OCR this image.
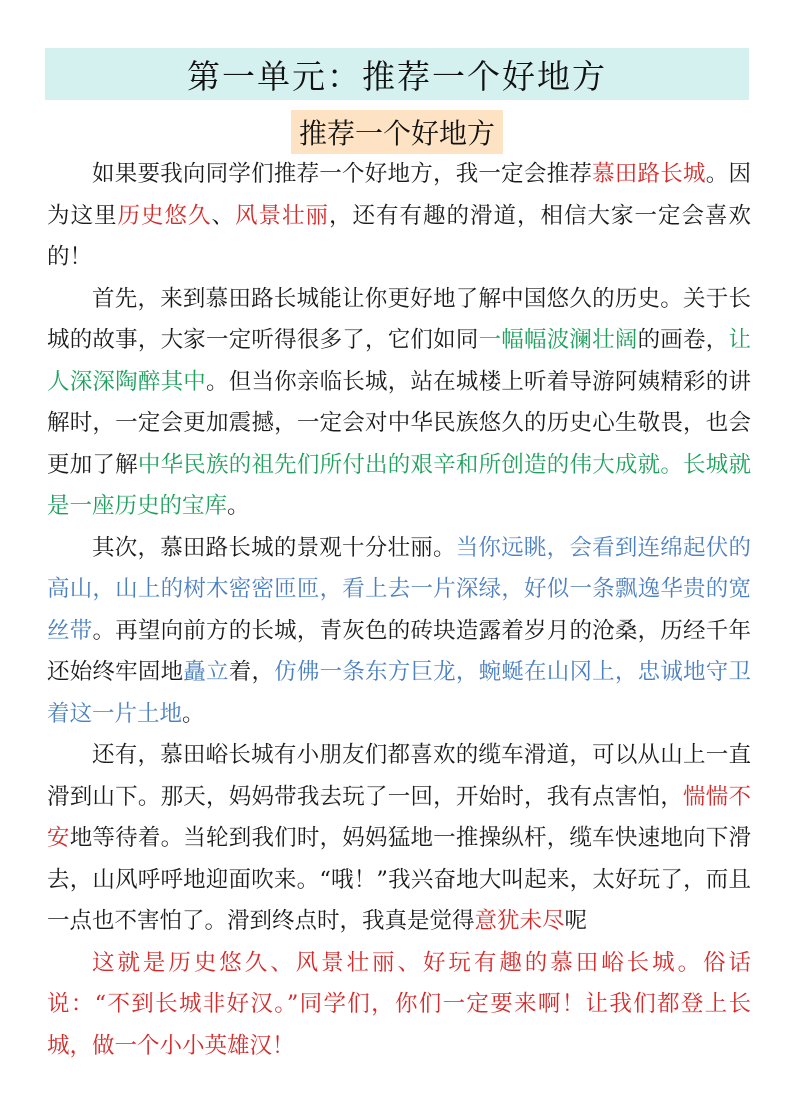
第一单元：推荐一个好地方
推荐一个好地方

如果要我向同学们推荐一个好地方，我一定会推荐慕田路长城。因为这里历史悠久、风景壮丽，还有有趣的滑道，相信大家一定会喜欢的！

首先，来到慕田路长城能让你更好地了解中国悠久的历史。关于长城的故事，大家一定听得很多了，它们如同一幅幅波澜壮阔的画卷，让人深深陶醉其中。但当你亲临长城，站在城楼上听着导游阿姨精彩的讲解时，一定会更加震撼，一定会对中华民族悠久的历史心生敬畏，也会更加了解中华民族的祖先们所付出的艰辛和所创造的伟大成就。长城就是一座历史的宝库。

其次，慕田路长城的景观十分壮丽。当你远眺，会看到连绵起伏的高山，山上的树木密密匝匝，看上去一片深绿，好似一条飘逸华贵的宽丝带。再望向前方的长城，青灰色的砖块造露着岁月的沧桑，历经千年还始终牢固地矗立着，仿佛一条东方巨龙，蜿蜒在山冈上，忠诚地守卫着这一片土地。

还有，慕田峪长城有小朋友们都喜欢的缆车滑道，可以从山上一直滑到山下。那天，妈妈带我去玩了一回，开始时，我有点害怕，惴惴不安地等待着。当轮到我们时，妈妈猛地一推操纵杆，缆车快速地向下滑去，山风呼呼地迎面吹来。“哦！”我兴奋地大叫起来，太好玩了，而且一点也不害怕了。滑到终点时，我真是觉得意犹未尽呢

这就是历史悠久、风景壮丽、好玩有趣的慕田峪长城。俗话说：“不到长城非好汉。”同学们，你们一定要来啊！让我们都登上长城，做一个小小英雄汉！
